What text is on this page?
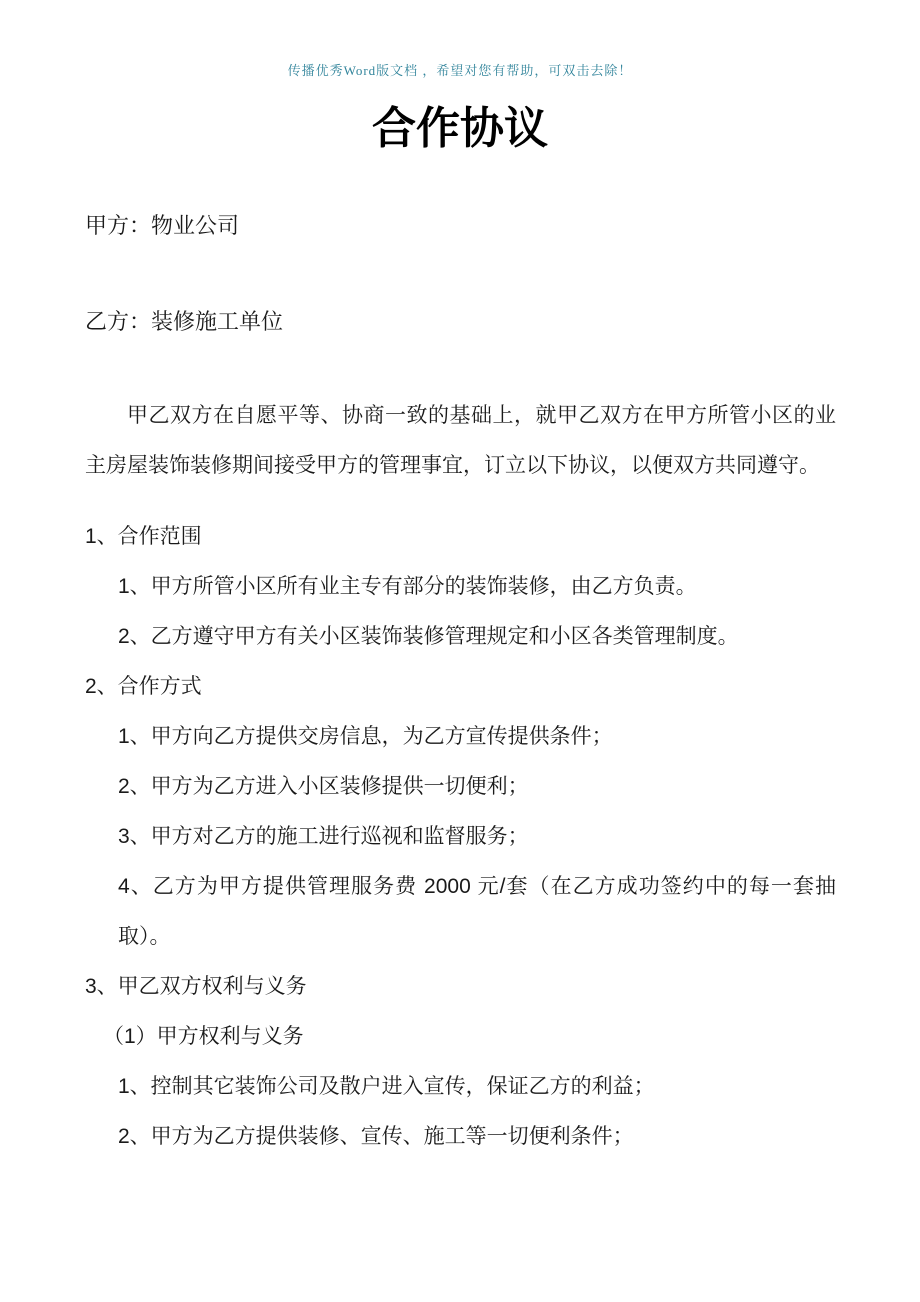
传播优秀Word版文档 ，希望对您有帮助，可双击去除！
合作协议
甲方：物业公司
乙方：装修施工单位

甲乙双方在自愿平等、协商一致的基础上，就甲乙双方在甲方所管小区的业主房屋装饰装修期间接受甲方的管理事宜，订立以下协议，以便双方共同遵守。

1、合作范围
1、甲方所管小区所有业主专有部分的装饰装修，由乙方负责。
2、乙方遵守甲方有关小区装饰装修管理规定和小区各类管理制度。
2、合作方式
1、甲方向乙方提供交房信息，为乙方宣传提供条件；
2、甲方为乙方进入小区装修提供一切便利；
3、甲方对乙方的施工进行巡视和监督服务；
4、乙方为甲方提供管理服务费 2000 元/套（在乙方成功签约中的每一套抽取）。
3、甲乙双方权利与义务
（1）甲方权利与义务
1、控制其它装饰公司及散户进入宣传，保证乙方的利益；
2、甲方为乙方提供装修、宣传、施工等一切便利条件；
